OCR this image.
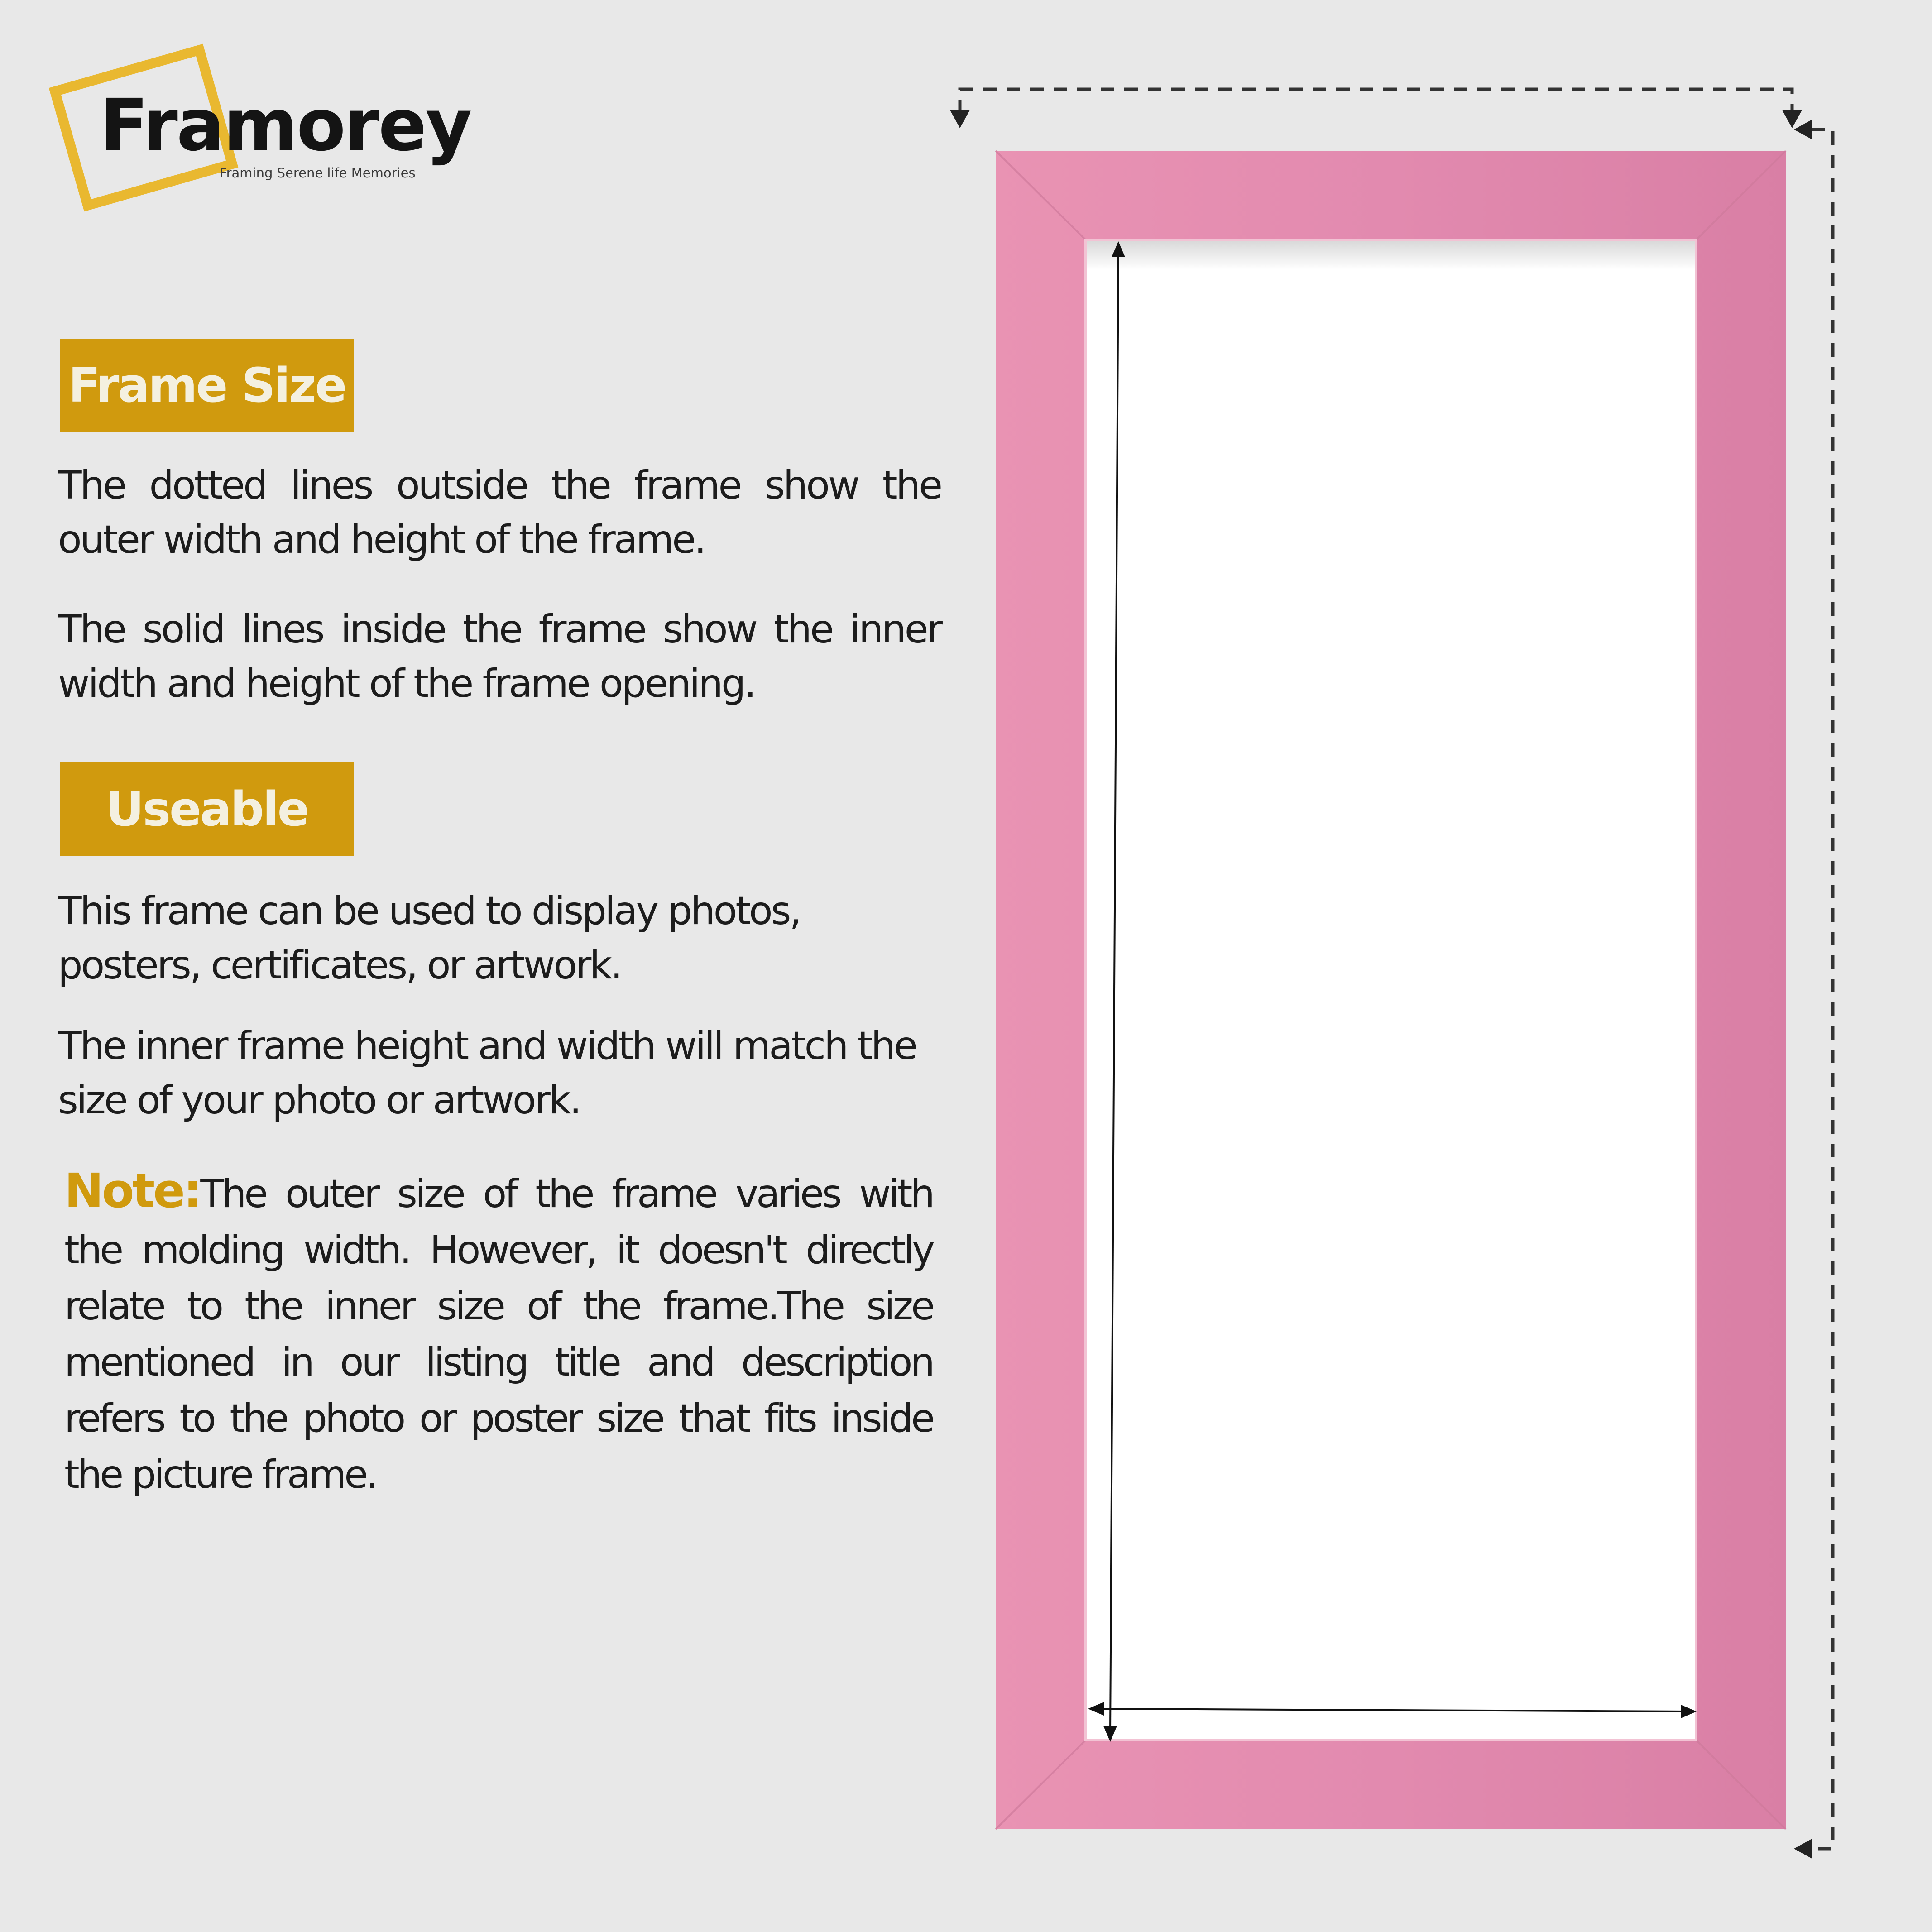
Framorey
Framing Serene life Memories
Frame Size

The dotted lines outside the frame show the outer width and height of the frame.

The solid lines inside the frame show the inner width and height of the frame opening.

Useable

This frame can be used to display photos, posters, certificates, or artwork.

The inner frame height and width will match the size of your photo or artwork.

Note:The outer size of the frame varies with the molding width. However, it doesn't directly relate to the inner size of the frame.The size mentioned in our listing title and description refers to the photo or poster size that fits inside the picture frame.
